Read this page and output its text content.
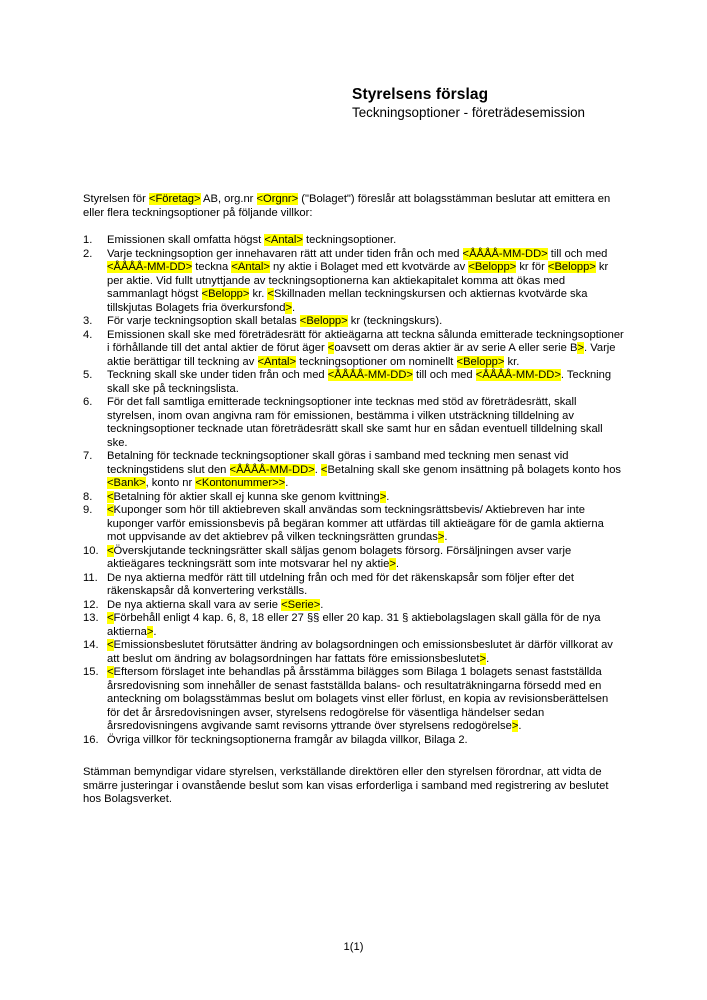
Styrelsens förslag
Teckningsoptioner - företrädesemission

Styrelsen för <Företag> AB, org.nr <Orgnr> ("Bolaget") föreslår att bolagsstämman beslutar att emittera en eller flera teckningsoptioner på följande villkor:

1.	Emissionen skall omfatta högst <Antal> teckningsoptioner.
2.	Varje teckningsoption ger innehavaren rätt att under tiden från och med <ÅÅÅÅ-MM-DD> till och med <ÅÅÅÅ-MM-DD> teckna <Antal> ny aktie i Bolaget med ett kvotvärde av <Belopp> kr för <Belopp> kr per aktie. Vid fullt utnyttjande av teckningsoptionerna kan aktiekapitalet komma att ökas med sammanlagt högst <Belopp> kr. <Skillnaden mellan teckningskursen och aktiernas kvotvärde ska tillskjutas Bolagets fria överkursfond>.
3.	För varje teckningsoption skall betalas <Belopp> kr (teckningskurs).
4.	Emissionen skall ske med företrädesrätt för aktieägarna att teckna sålunda emitterade teckningsoptioner i förhållande till det antal aktier de förut äger <oavsett om deras aktier är av serie A eller serie B>. Varje aktie berättigar till teckning av <Antal> teckningsoptioner om nominellt <Belopp> kr.
5.	Teckning skall ske under tiden från och med <ÅÅÅÅ-MM-DD> till och med <ÅÅÅÅ-MM-DD>. Teckning skall ske på teckningslista.
6.	För det fall samtliga emitterade teckningsoptioner inte tecknas med stöd av företrädesrätt, skall styrelsen, inom ovan angivna ram för emissionen, bestämma i vilken utsträckning tilldelning av teckningsoptioner tecknade utan företrädesrätt skall ske samt hur en sådan eventuell tilldelning skall ske.
7.	Betalning för tecknade teckningsoptioner skall göras i samband med teckning men senast vid teckningstidens slut den <ÅÅÅÅ-MM-DD>. <Betalning skall ske genom insättning på bolagets konto hos <Bank>, konto nr <Kontonummer>>.
8.	<Betalning för aktier skall ej kunna ske genom kvittning>.
9.	<Kuponger som hör till aktiebreven skall användas som teckningsrättsbevis/ Aktiebreven har inte kuponger varför emissionsbevis på begäran kommer att utfärdas till aktieägare för de gamla aktierna mot uppvisande av det aktiebrev på vilken teckningsrätten grundas>.
10. <Överskjutande teckningsrätter skall säljas genom bolagets försorg. Försäljningen avser varje aktieägares teckningsrätt som inte motsvarar hel ny aktie>.
11. De nya aktierna medför rätt till utdelning från och med för det räkenskapsår som följer efter det räkenskapsår då konvertering verkställs.
12. De nya aktierna skall vara av serie <Serie>.
13. <Förbehåll enligt 4 kap. 6, 8, 18 eller 27 §§ eller 20 kap. 31 § aktiebolagslagen skall gälla för de nya aktierna>.
14. <Emissionsbeslutet förutsätter ändring av bolagsordningen och emissionsbeslutet är därför villkorat av att beslut om ändring av bolagsordningen har fattats före emissionsbeslutet>.
15. <Eftersom förslaget inte behandlas på årsstämma bilägges som Bilaga 1 bolagets senast fastställda årsredovisning som innehåller de senast fastställda balans- och resultaträkningarna försedd med en anteckning om bolagsstämmas beslut om bolagets vinst eller förlust, en kopia av revisionsberättelsen för det år årsredovisningen avser, styrelsens redogörelse för väsentliga händelser sedan årsredovisningens avgivande samt revisorns yttrande över styrelsens redogörelse>.
16. Övriga villkor för teckningsoptionerna framgår av bilagda villkor, Bilaga 2.

Stämman bemyndigar vidare styrelsen, verkställande direktören eller den styrelsen förordnar, att vidta de smärre justeringar i ovanstående beslut som kan visas erforderliga i samband med registrering av beslutet hos Bolagsverket.

1(1)
